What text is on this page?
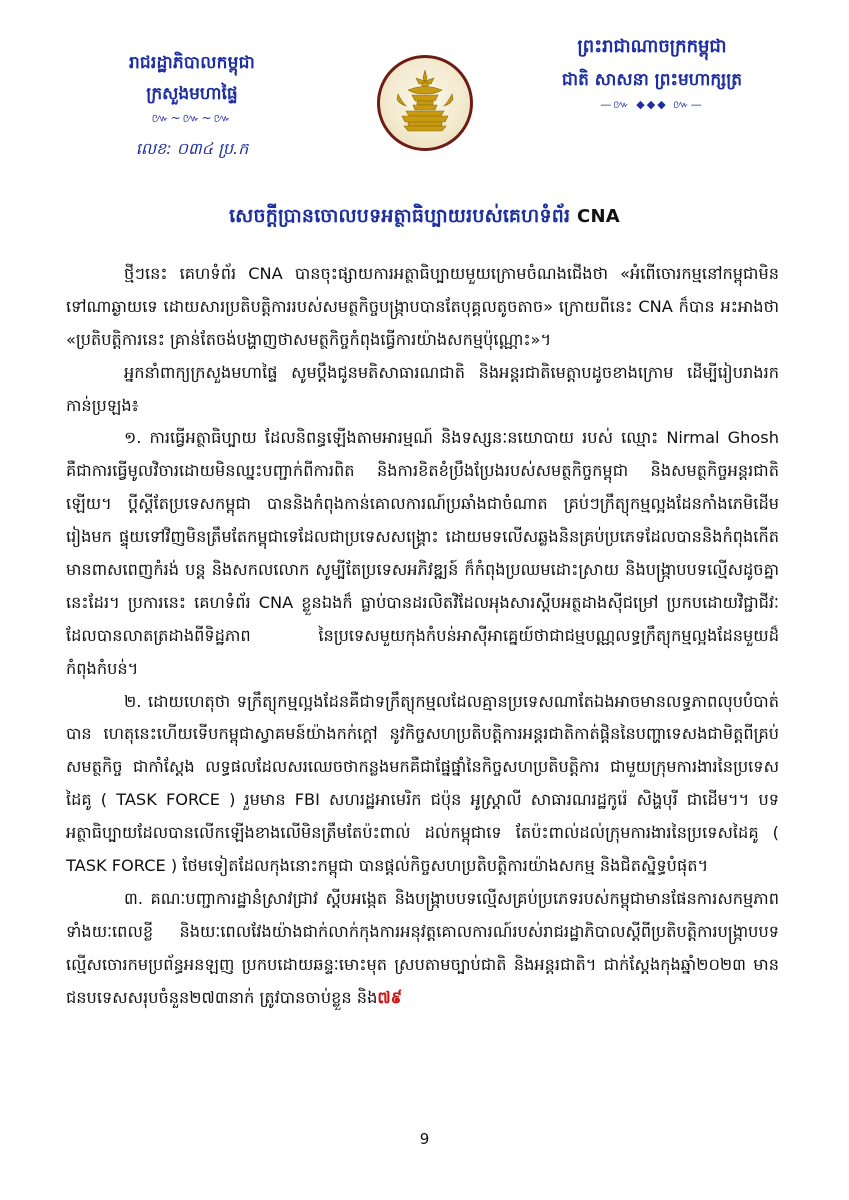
រាជរដ្ឋាភិបាលកម្ពុជា
ក្រសួងមហាផ្ទៃ
៚~៚~៚
លេខ: ០៣៤ ប្រ.ក
ព្រះរាជាណាចក្រកម្ពុជា
ជាតិ សាសនា ព្រះមហាក្សត្រ
—៚ ◆◆◆ ៚—
សេចក្ដីប្រានចោលបទអត្ថាធិប្បាយរបស់គេហទំព័រ CNA

ថ្មីៗនេះ គេហទំព័រ CNA បានចុះផ្សាយការអត្ថាធិប្បាយមួយក្រោមចំណងជើងថា «អំពើចោរកម្មនៅកម្ពុជាមិនទៅណាឆ្ងាយទេ ដោយសារប្រតិបត្តិការរបស់សមត្ថកិច្ចបង្ក្រាបបានតែបុគ្គលតូចតាច» ក្រោយពីនេះ CNA ក៏បាន អះអាងថា «ប្រតិបត្តិការនេះ គ្រាន់តែចង់បង្ហាញថាសមត្ថកិច្ចកំពុងធ្វើការយ៉ាងសកម្មប៉ុណ្ណោះ»។

អ្នកនាំពាក្យក្រសួងមហាផ្ទៃ សូមប្ដឹងជូនមតិសាធារណជាតិ និងអន្តរជាតិមេត្តាបដូចខាងក្រោម ដើម្បីរៀបរាងរកកាន់ប្រឡង៖

១. ការធ្វើអត្ថាធិប្បាយ ដែលនិពន្ធឡើងតាមអារម្មណ៍ និងទស្សនៈនយោបាយ របស់ ឈ្មោះ Nirmal Ghosh គឺជាការធ្វើមូលវិចារដោយមិនឈ្នះបញ្ជាក់ពីការពិត និងការខិតខំប្រឹងប្រែងរបស់សមត្ថកិច្ចកម្ពុជា និងសមត្ថកិច្ចអន្តរជាតិឡើយ។ ប្ដីស្ដីតែប្រទេសកម្ពុជា បាននិងកំពុងកាន់គោលការណ៍ប្រឆាំងជាចំណាត គ្រប់ៗក្រឹត្យុកម្មល្អងដែនកាំងភេមិដើមរៀងមក ផ្ទុយទៅវិញមិនត្រឹមតែកម្ពុជាទេដែលជាប្រទេសសង្គ្រោះ ដោយមទលើសឆ្លងនិនគ្រប់ប្រភេទដែលបាននិងកំពុងកើតមានពាសពេញកំរង់ បន្ត និងសកលលោក សូម្បីតែប្រទេសអភិវឌ្ឍន៍ ក៏កំពុងប្រឈមដោះស្រាយ និងបង្ក្រាបបទល្មើសដូចគ្នានេះដែរ។ ប្រការនេះ គេហទំព័រ CNA ខ្លួនឯងក៏ ធ្លាប់បានដរលិតវិដែលអុងសារស្ដីបអត្ថដាងស៊ីជម្រៅ ប្រកបដោយវិជ្ជាជីវៈដែលបានលាតត្រដាងពីទិដ្ឋភាព នៃប្រទេសមួយកុងកំបន់អាស៊ីអាគ្នេយ៍ថាជាជម្មបណ្ណលទ្ធក្រឹត្យុកម្មល្អងដែនមួយដ៏កំពុងកំបន់។

២. ដោយហេតុថា ទក្រឹត្យុកម្មល្អងដែនគឺជាទក្រឹត្យុកម្មលដែលគ្មានប្រទេសណាតែឯងអាចមានលទ្ធភាពលុបបំបាត់បាន ហេតុនេះហើយទើបកម្ពុជាស្វាគមន៍យ៉ាងកក់ក្ដៅ នូវកិច្ចសហប្រតិបត្តិការអន្តរជាតិកាត់ផ្ដិននៃបញ្ហាទេសងជាមិត្តពីគ្រប់សមត្ថកិច្ច ជាកាំស្ដែង លទ្ធផលដែលសរឈេចថាកន្លងមកគឺជាផ្នែផ្នាំនៃកិច្ចសហប្រតិបត្តិការ ជាមួយក្រុមការងារនៃប្រទេសដៃគូ ( TASK FORCE ) រួមមាន FBI សហរដ្ឋអាមេរិក ជប៉ុន អូស្ត្រាលី សាធារណរដ្ឋកូរ៉េ សិង្ហបុរី ជាដើម។។ បទអត្ថាធិប្បាយដែលបានលើកឡើងខាងលើមិនត្រឹមតែប៉ះពាល់ ដល់កម្ពុជាទេ តែប៉ះពាល់ដល់ក្រុមការងារនៃប្រទេសដៃគូ ( TASK FORCE ) ថែមទៀតដែលកុងនោះកម្ពុជា បានផ្ដល់កិច្ចសហប្រតិបត្តិការយ៉ាងសកម្ម និងជិតស្និទ្ធបំផុត។

៣. គណៈបញ្ជាការដ្ឋានំស្រាវជ្រាវ ស្ដីបអង្កេត និងបង្ក្រាបបទល្មើសគ្រប់ប្រភេទរបស់កម្ពុជាមានផែនការសកម្មភាពទាំងយៈពេលខ្លី និងយៈពេលវែងយ៉ាងជាក់លាក់កុងការអនុវត្តគោលការណ៍របស់រាជរដ្ឋាភិបាលស្ដីពីប្រតិបត្តិការបង្ក្រាបបទល្មើសចោរកមប្រព័ន្ធអនឡញ ប្រកបដោយឆន្ទៈមោះមុត ស្របតាមច្បាប់ជាតិ និងអន្តរជាតិ។ ជាក់ស្ដែងកុងឆ្នាំ២០២៣ មានជនបទេសសរុបចំនួន២៧៣នាក់ ត្រូវបានចាប់ខ្លួន និង៧៩

9
